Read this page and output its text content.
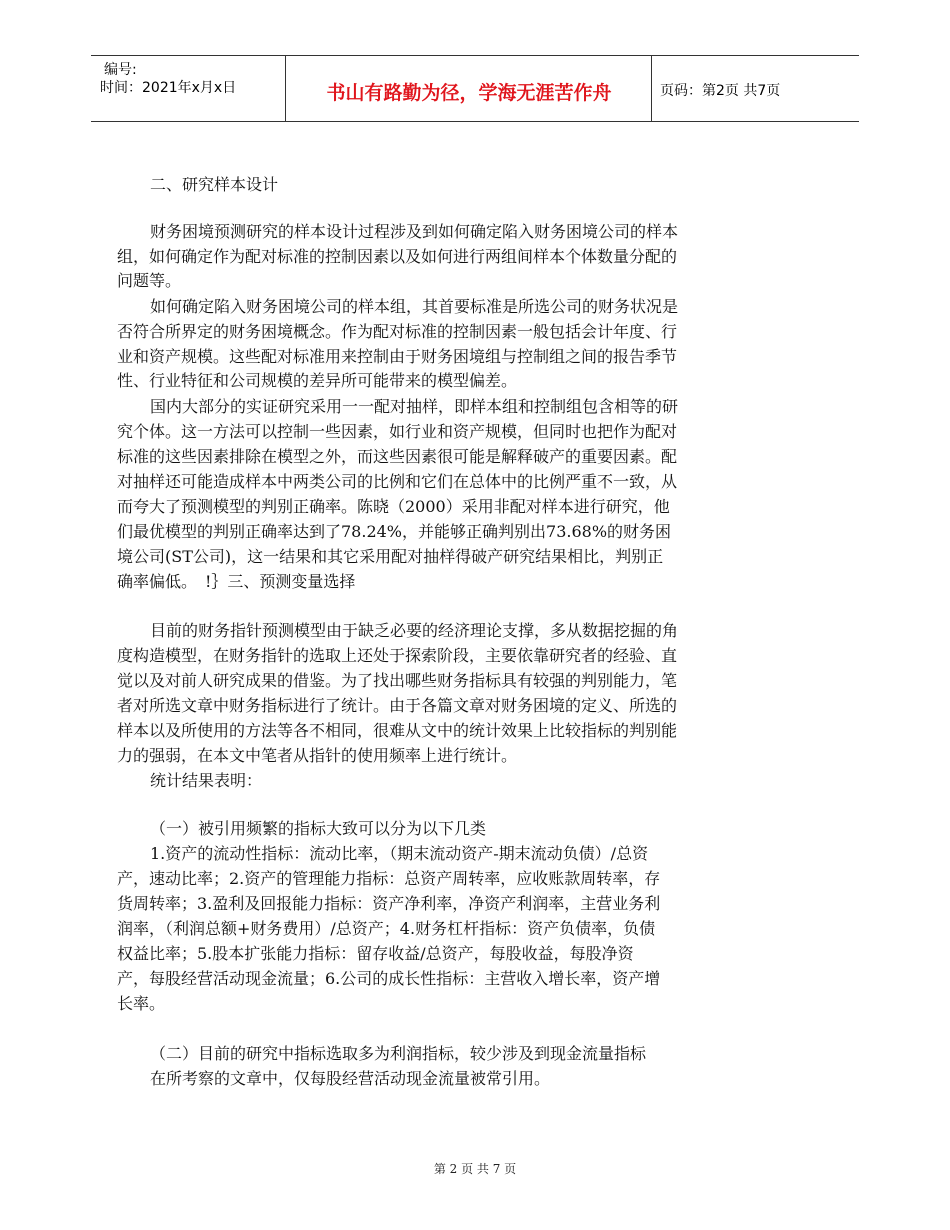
编号:
时间：2021年x月x日	书山有路勤为径，学海无涯苦作舟	页码：第2页 共7页
二、研究样本设计
财务困境预测研究的样本设计过程涉及到如何确定陷入财务困境公司的样本
组，如何确定作为配对标准的控制因素以及如何进行两组间样本个体数量分配的
问题等。
如何确定陷入财务困境公司的样本组，其首要标准是所选公司的财务状况是
否符合所界定的财务困境概念。作为配对标准的控制因素一般包括会计年度、行
业和资产规模。这些配对标准用来控制由于财务困境组与控制组之间的报告季节
性、行业特征和公司规模的差异所可能带来的模型偏差。
国内大部分的实证研究采用一一配对抽样，即样本组和控制组包含相等的研
究个体。这一方法可以控制一些因素，如行业和资产规模，但同时也把作为配对
标准的这些因素排除在模型之外，而这些因素很可能是解释破产的重要因素。配
对抽样还可能造成样本中两类公司的比例和它们在总体中的比例严重不一致，从
而夸大了预测模型的判别正确率。陈晓（2000）采用非配对样本进行研究，他
们最优模型的判别正确率达到了78.24%，并能够正确判别出73.68%的财务困
境公司(ST公司)，这一结果和其它采用配对抽样得破产研究结果相比，判别正
确率偏低。　!｝三、预测变量选择
目前的财务指针预测模型由于缺乏必要的经济理论支撑，多从数据挖掘的角
度构造模型，在财务指针的选取上还处于探索阶段，主要依靠研究者的经验、直
觉以及对前人研究成果的借鉴。为了找出哪些财务指标具有较强的判别能力，笔
者对所选文章中财务指标进行了统计。由于各篇文章对财务困境的定义、所选的
样本以及所使用的方法等各不相同，很难从文中的统计效果上比较指标的判别能
力的强弱，在本文中笔者从指针的使用频率上进行统计。
统计结果表明：
（一）被引用频繁的指标大致可以分为以下几类
1.资产的流动性指标：流动比率，（期末流动资产-期末流动负债）/总资
产，速动比率；2.资产的管理能力指标：总资产周转率，应收账款周转率，存
货周转率；3.盈利及回报能力指标：资产净利率，净资产利润率，主营业务利
润率，（利润总额+财务费用）/总资产；4.财务杠杆指标：资产负债率，负债
权益比率；5.股本扩张能力指标：留存收益/总资产，每股收益，每股净资
产，每股经营活动现金流量；6.公司的成长性指标：主营收入增长率，资产增
长率。
（二）目前的研究中指标选取多为利润指标，较少涉及到现金流量指标
在所考察的文章中，仅每股经营活动现金流量被常引用。
第 2 页 共 7 页
